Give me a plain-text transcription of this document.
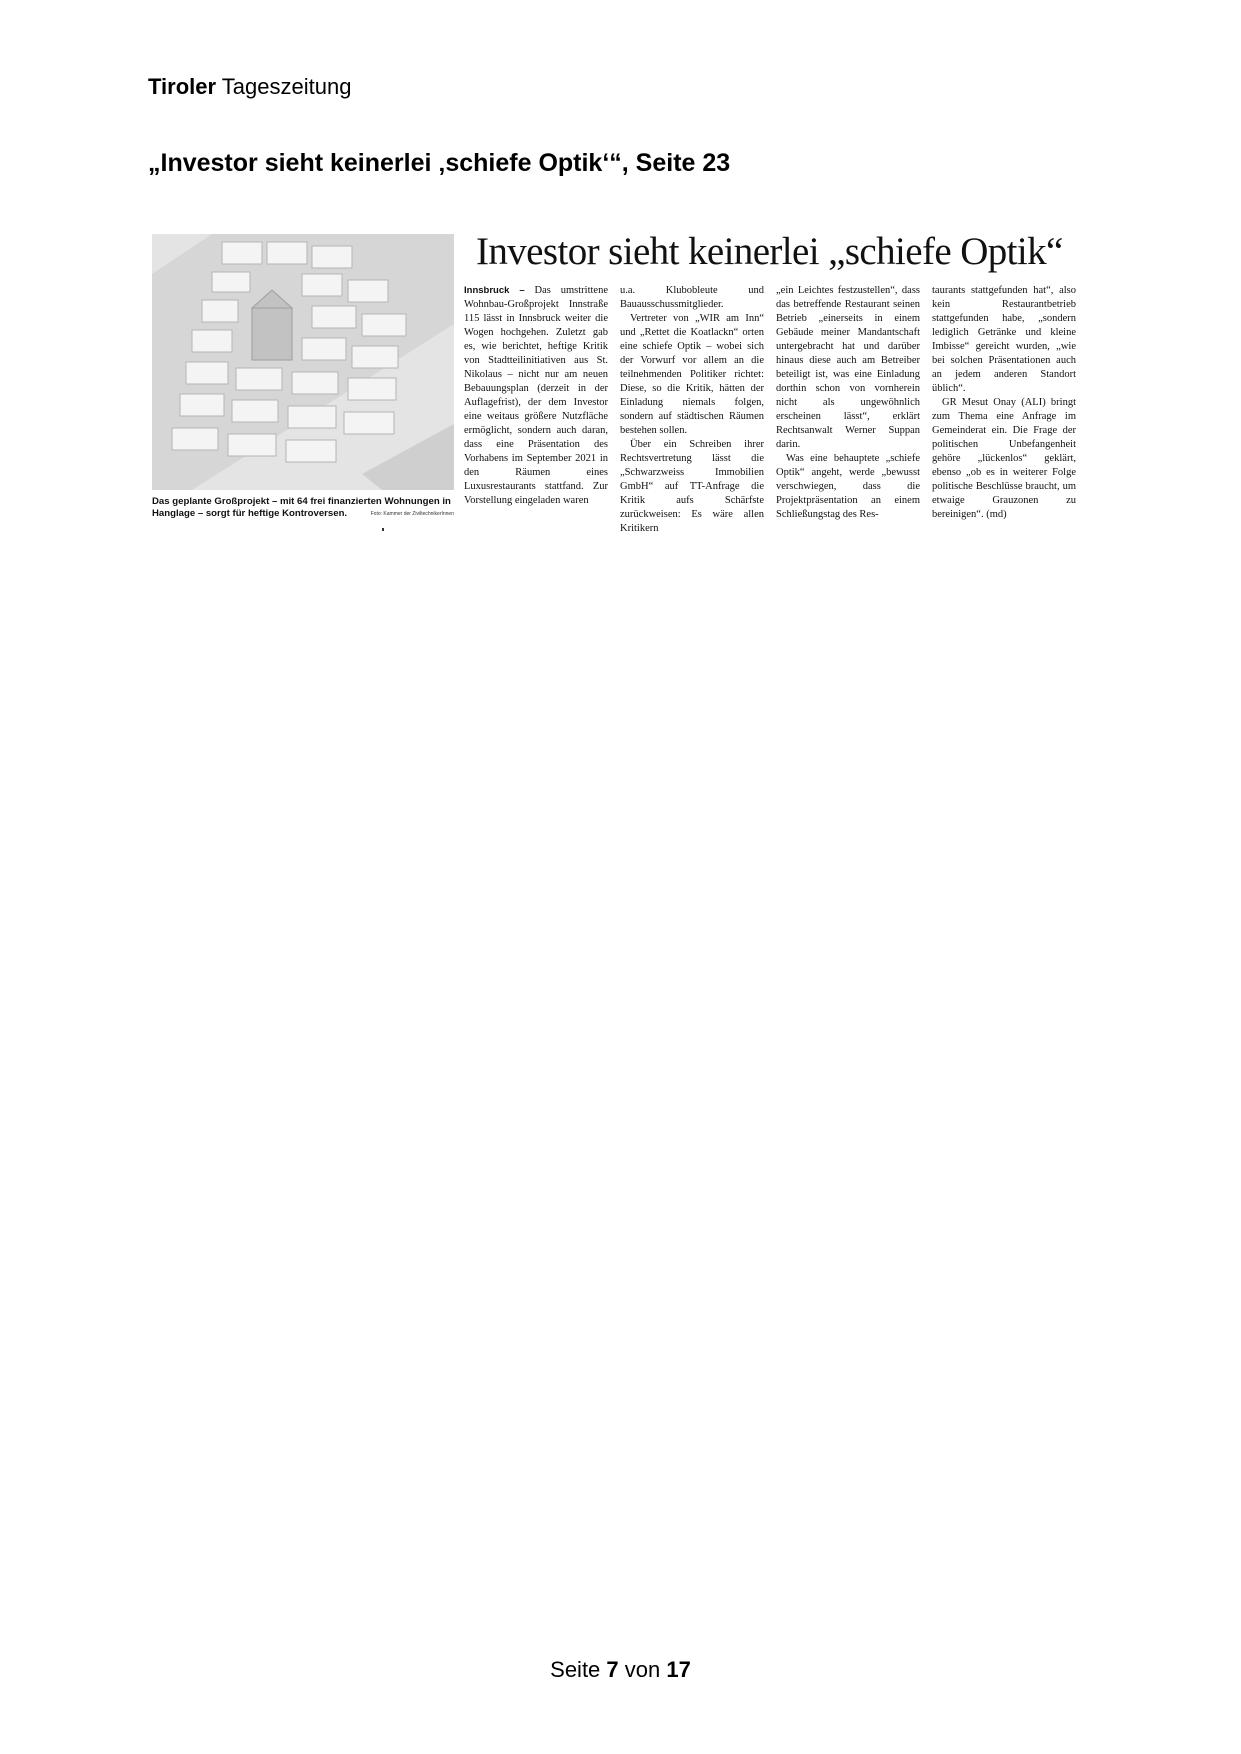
Tiroler Tageszeitung
„Investor sieht keinerlei ‚schiefe Optik‘“, Seite 23
Das geplante Großprojekt – mit 64 frei finanzierten Wohnungen in Hanglage – sorgt für heftige Kontroversen.	Foto: Kammer der ZiviltechnikerInnen
Investor sieht keinerlei „schiefe Optik“

Innsbruck – Das umstrittene Wohnbau-Großprojekt Innstraße 115 lässt in Innsbruck weiter die Wogen hochgehen. Zuletzt gab es, wie berichtet, heftige Kritik von Stadtteilinitiativen aus St. Nikolaus – nicht nur am neuen Bebauungsplan (derzeit in der Auflagefrist), der dem Investor eine weitaus größere Nutzfläche ermöglicht, sondern auch daran, dass eine Präsentation des Vorhabens im September 2021 in den Räumen eines Luxusrestaurants stattfand. Zur Vorstellung eingeladen waren

u.a. Klubobleute und Bauausschussmitglieder.

Vertreter von „WIR am Inn“ und „Rettet die Koatlackn“ orten eine schiefe Optik – wobei sich der Vorwurf vor allem an die teilnehmenden Politiker richtet: Diese, so die Kritik, hätten der Einladung niemals folgen, sondern auf städtischen Räumen bestehen sollen.

Über ein Schreiben ihrer Rechtsvertretung lässt die „Schwarzweiss Immobilien GmbH“ auf TT-Anfrage die Kritik aufs Schärfste zurückweisen: Es wäre allen Kritikern

„ein Leichtes festzustellen“, dass das betreffende Restaurant seinen Betrieb „einerseits in einem Gebäude meiner Mandantschaft untergebracht hat und darüber hinaus diese auch am Betreiber beteiligt ist, was eine Einladung dorthin schon von vornherein nicht als ungewöhnlich erscheinen lässt“, erklärt Rechtsanwalt Werner Suppan darin.

Was eine behauptete „schiefe Optik“ angeht, werde „bewusst verschwiegen, dass die Projektpräsentation an einem Schließungstag des Res-

taurants stattgefunden hat“, also kein Restaurantbetrieb stattgefunden habe, „sondern lediglich Getränke und kleine Imbisse“ gereicht wurden, „wie bei solchen Präsentationen auch an jedem anderen Standort üblich“.

GR Mesut Onay (ALI) bringt zum Thema eine Anfrage im Gemeinderat ein. Die Frage der politischen Unbefangenheit gehöre „lückenlos“ geklärt, ebenso „ob es in weiterer Folge politische Beschlüsse braucht, um etwaige Grauzonen zu bereinigen“. (md)

Seite 7 von 17
